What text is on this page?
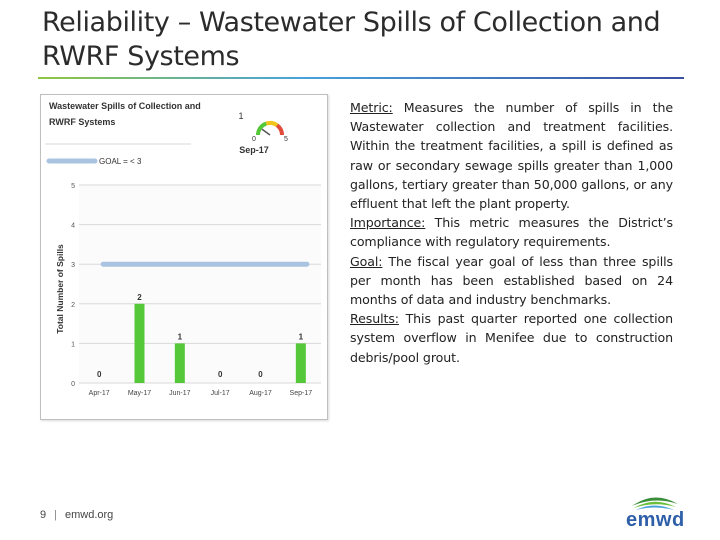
Reliability – Wastewater Spills of Collection and RWRF Systems
Wastewater Spills of Collection and RWRF Systems
1
0	5
Sep-17
GOAL = < 3
0
1
2
3
4
5
0
Apr-17
2
May-17
1
Jun-17
0
Jul-17
0
Aug-17
1
Sep-17
Total Number of Spills

Metric: Measures the number of spills in the Wastewater collection and treatment facilities. Within the treatment facilities, a spill is defined as raw or secondary sewage spills greater than 1,000 gallons, tertiary greater than 50,000 gallons, or any effluent that left the plant property.

Importance: This metric measures the District’s compliance with regulatory requirements.

Goal: The fiscal year goal of less than three spills per month has been established based on 24 months of data and industry benchmarks.

Results: This past quarter reported one collection system overflow in Menifee due to construction debris/pool grout.

9 | emwd.org	emwd
